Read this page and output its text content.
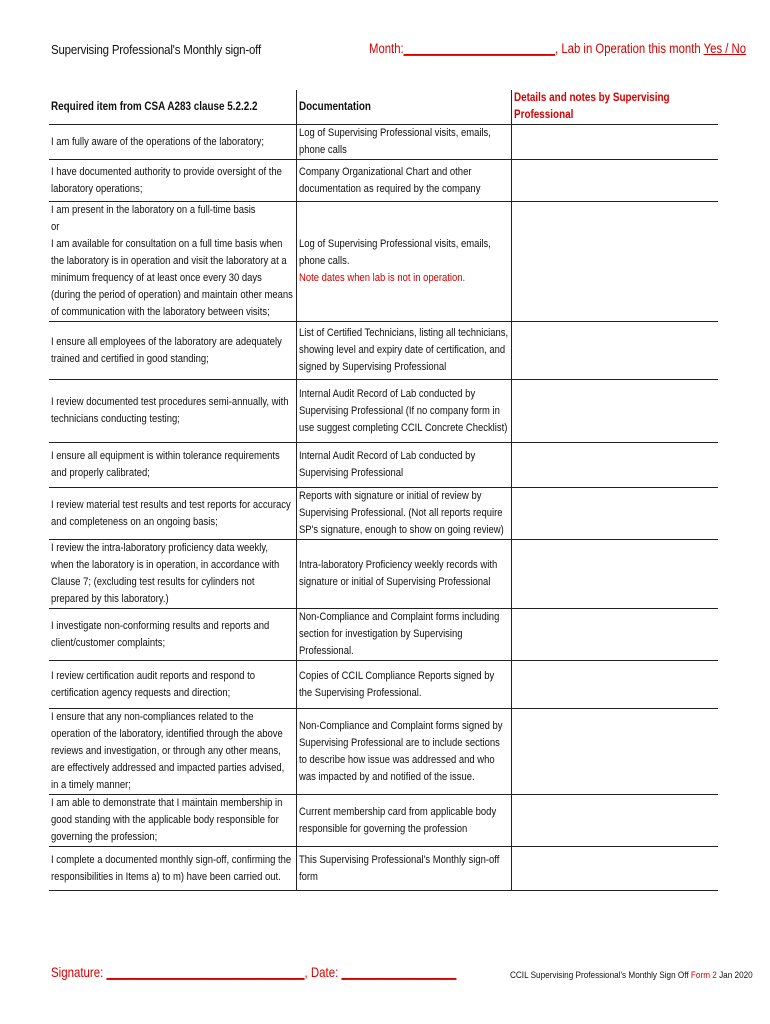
Supervising Professional's Monthly sign-off	Month:________________________, Lab in Operation this month Yes / No
Required item from CSA A283 clause 5.2.2.2	Documentation	Details and notes by Supervising Professional

I am fully aware of the operations of the laboratory;	Log of Supervising Professional visits, emails, phone calls	

I have documented authority to provide oversight of the laboratory operations;	Company Organizational Chart and other documentation as required by the company	

I am present in the laboratory on a full-time basis
or
I am available for consultation on a full time basis when the laboratory is in operation and visit the laboratory at a minimum frequency of at least once every 30 days (during the period of operation) and maintain other means of communication with the laboratory between visits;	Log of Supervising Professional visits, emails, phone calls.
Note dates when lab is not in operation.	

I ensure all employees of the laboratory are adequately trained and certified in good standing;	List of Certified Technicians, listing all technicians, showing level and expiry date of certification, and signed by Supervising Professional	

I review documented test procedures semi-annually, with technicians conducting testing;	Internal Audit Record of Lab conducted by Supervising Professional (If no company form in use suggest completing CCIL Concrete Checklist)	

I ensure all equipment is within tolerance requirements and properly calibrated;	Internal Audit Record of Lab conducted by Supervising Professional	

I review material test results and test reports for accuracy and completeness on an ongoing basis;	Reports with signature or initial of review by Supervising Professional. (Not all reports require SP's signature, enough to show on going review)	

I review the intra-laboratory proficiency data weekly, when the laboratory is in operation, in accordance with Clause 7; (excluding test results for cylinders not prepared by this laboratory.)	Intra-laboratory Proficiency weekly records with signature or initial of Supervising Professional	

I investigate non-conforming results and reports and client/customer complaints;	Non-Compliance and Complaint forms including section for investigation by Supervising Professional.	

I review certification audit reports and respond to certification agency requests and direction;	Copies of CCIL Compliance Reports signed by the Supervising Professional.	

I ensure that any non-compliances related to the operation of the laboratory, identified through the above reviews and investigation, or through any other means, are effectively addressed and impacted parties advised, in a timely manner;	Non-Compliance and Complaint forms signed by Supervising Professional are to include sections to describe how issue was addressed and who was impacted by and notified of the issue.	

I am able to demonstrate that I maintain membership in good standing with the applicable body responsible for governing the profession;	Current membership card from applicable body responsible for governing the profession	

I complete a documented monthly sign-off, confirming the responsibilities in Items a) to m) have been carried out.	This Supervising Professional's Monthly sign-off form	

Signature: _______________________________, Date: __________________	CCIL Supervising Professional's Monthly Sign Off Form 2 Jan 2020
